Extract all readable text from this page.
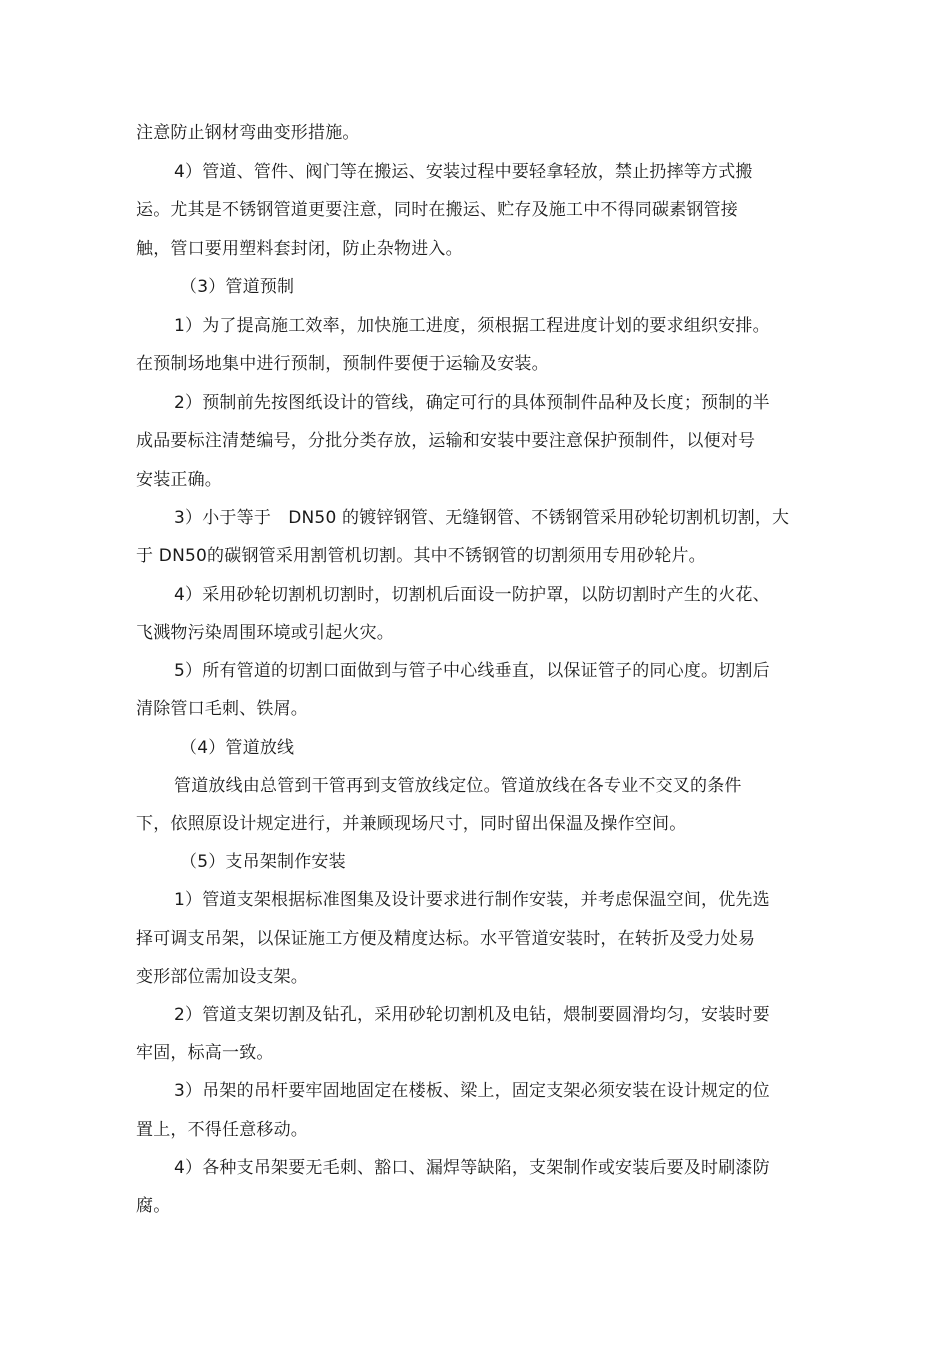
注意防止钢材弯曲变形措施。
4）管道、管件、阀门等在搬运、安装过程中要轻拿轻放，禁止扔摔等方式搬
运。尤其是不锈钢管道更要注意，同时在搬运、贮存及施工中不得同碳素钢管接
触，管口要用塑料套封闭，防止杂物进入。
（3）管道预制
1）为了提高施工效率，加快施工进度，须根据工程进度计划的要求组织安排。
在预制场地集中进行预制，预制件要便于运输及安装。
2）预制前先按图纸设计的管线，确定可行的具体预制件品种及长度；预制的半
成品要标注清楚编号，分批分类存放，运输和安装中要注意保护预制件，以便对号
安装正确。
3）小于等于　DN50 的镀锌钢管、无缝钢管、不锈钢管采用砂轮切割机切割，大
于 DN50的碳钢管采用割管机切割。其中不锈钢管的切割须用专用砂轮片。
4）采用砂轮切割机切割时，切割机后面设一防护罩，以防切割时产生的火花、
飞溅物污染周围环境或引起火灾。
5）所有管道的切割口面做到与管子中心线垂直，以保证管子的同心度。切割后
清除管口毛刺、铁屑。
（4）管道放线
管道放线由总管到干管再到支管放线定位。管道放线在各专业不交叉的条件
下，依照原设计规定进行，并兼顾现场尺寸，同时留出保温及操作空间。
（5）支吊架制作安装
1）管道支架根据标准图集及设计要求进行制作安装，并考虑保温空间，优先选
择可调支吊架，以保证施工方便及精度达标。水平管道安装时，在转折及受力处易
变形部位需加设支架。
2）管道支架切割及钻孔，采用砂轮切割机及电钻，煨制要圆滑均匀，安装时要
牢固，标高一致。
3）吊架的吊杆要牢固地固定在楼板、梁上，固定支架必须安装在设计规定的位
置上，不得任意移动。
4）各种支吊架要无毛刺、豁口、漏焊等缺陷，支架制作或安装后要及时刷漆防
腐。
